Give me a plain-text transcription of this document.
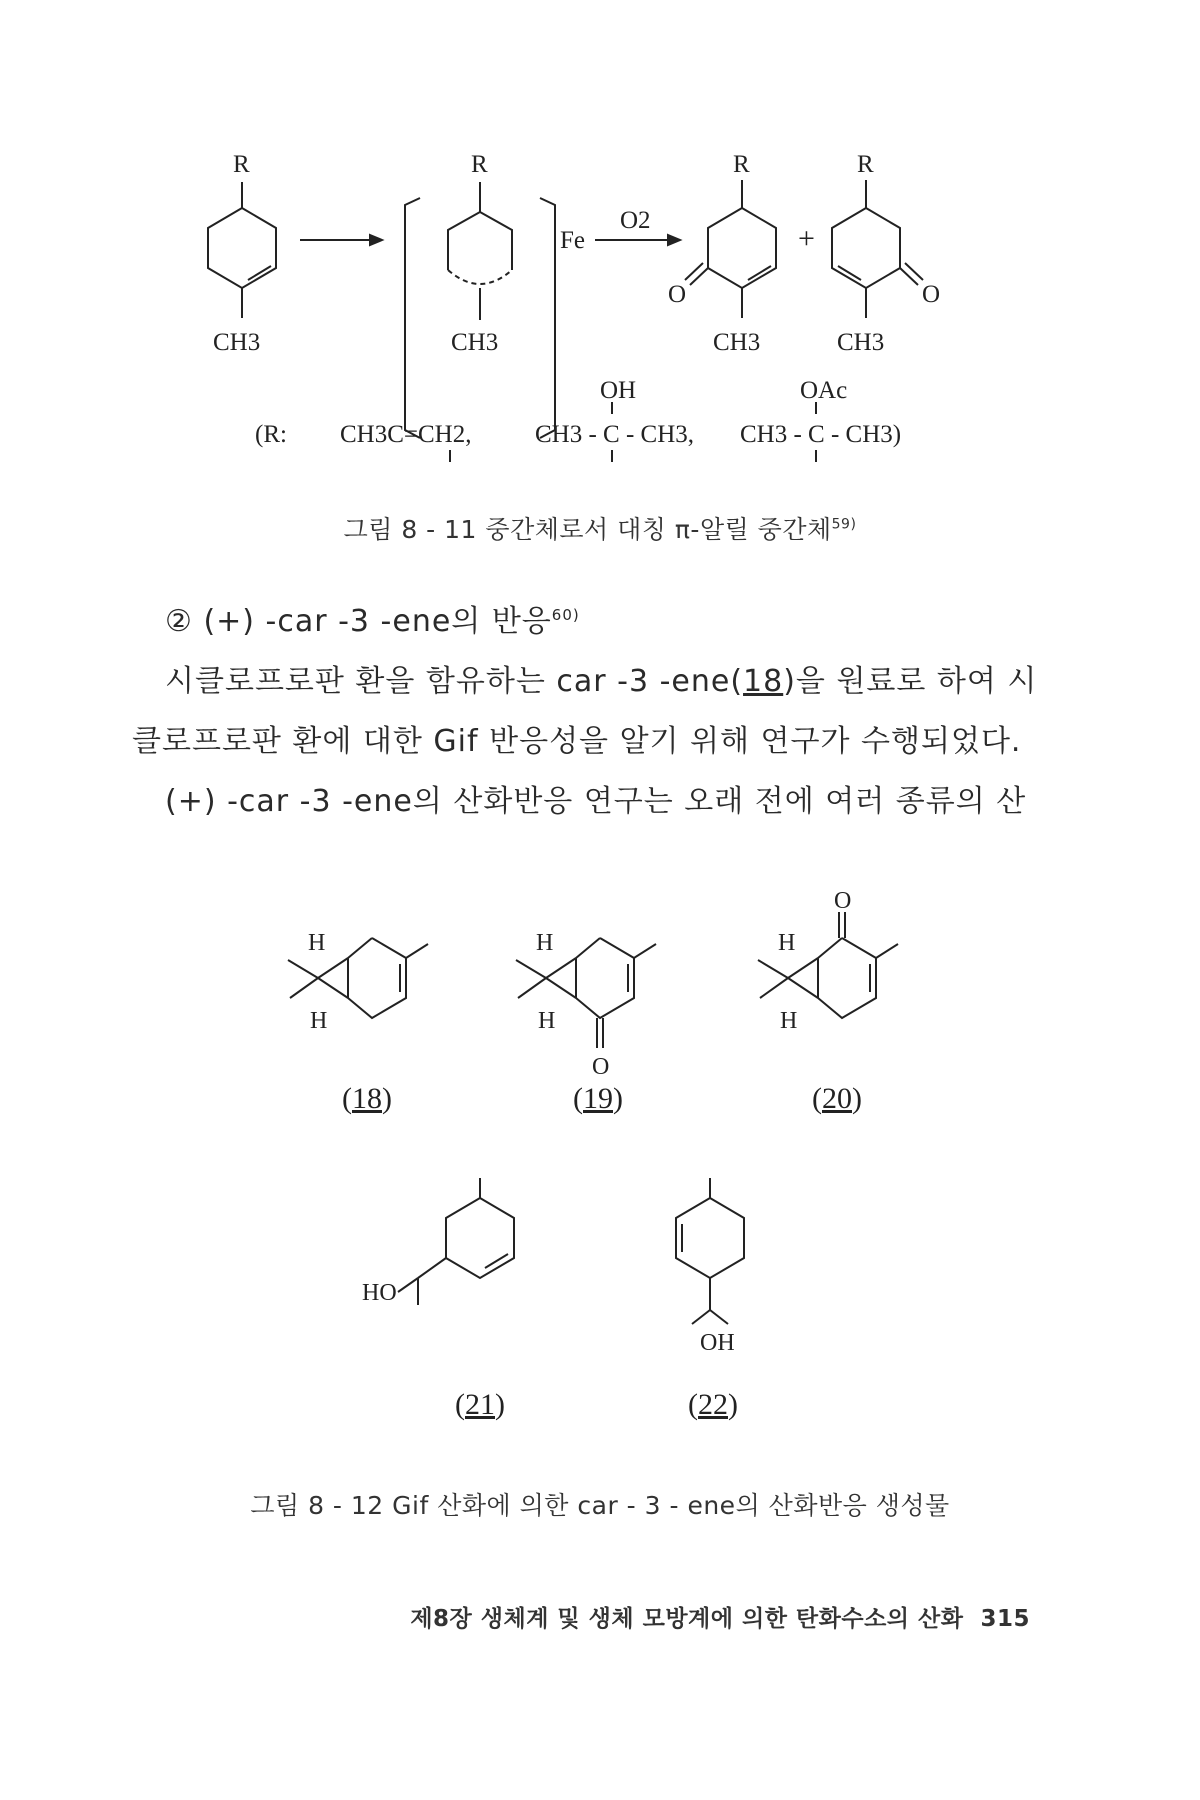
R
CH3
R
CH3
Fe
O2
R
O
CH3
+
R
O
CH3
OH	OAc
(R: CH3C=CH2,	CH3 - C - CH3, CH3 - C - CH3)
그림 8 - 11 중간체로서 대칭 π-알릴 중간체$^{59)}$
② (+) -car -3 -ene의 반응$^{60)}$
시클로프로판 환을 함유하는 car -3 -ene(18)을 원료로 하여 시
클로프로판 환에 대한 Gif 반응성을 알기 위해 연구가 수행되었다.
(+) -car -3 -ene의 산화반응 연구는 오래 전에 여러 종류의 산
H
H
H
H
O
H
H
O
HO
OH
(18)	(19)	(20)
(21)	(22)
그림 8 - 12 Gif 산화에 의한 car - 3 - ene의 산화반응 생성물
제8장 생체계 및 생체 모방계에 의한 탄화수소의 산화 315
